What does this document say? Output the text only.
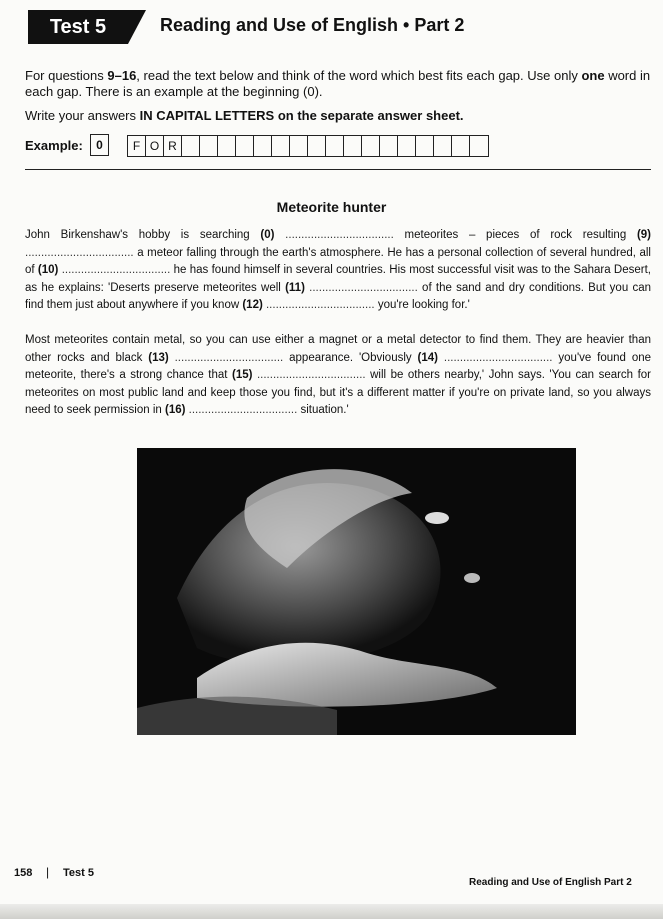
Test 5	Reading and Use of English • Part 2
For questions 9–16, read the text below and think of the word which best fits each gap. Use only one word in each gap. There is an example at the beginning (0).
Write your answers IN CAPITAL LETTERS on the separate answer sheet.
Example:	0	F O R
Meteorite hunter
John Birkenshaw's hobby is searching (0) .................................. meteorites – pieces of rock resulting (9) .................................. a meteor falling through the earth's atmosphere. He has a personal collection of several hundred, all of (10) .................................. he has found himself in several countries. His most successful visit was to the Sahara Desert, as he explains: 'Deserts preserve meteorites well (11) .................................. of the sand and dry conditions. But you can find them just about anywhere if you know (12) .................................. you're looking for.'
Most meteorites contain metal, so you can use either a magnet or a metal detector to find them. They are heavier than other rocks and black (13) .................................. appearance. 'Obviously (14) .................................. you've found one meteorite, there's a strong chance that (15) .................................. will be others nearby,' John says. 'You can search for meteorites on most public land and keep those you find, but it's a different matter if you're on private land, so you always need to seek permission in (16) .................................. situation.'
158 | Test 5
Reading and Use of English Part 2
